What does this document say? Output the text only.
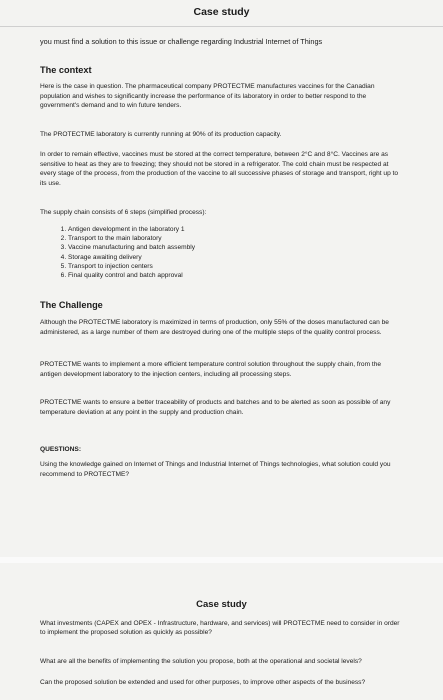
Case study
you must find a solution to this issue or challenge regarding Industrial Internet of Things
The context
Here is the case in question. The pharmaceutical company PROTECTME manufactures vaccines for the Canadian population and wishes to significantly increase the performance of its laboratory in order to better respond to the government's demand and to win future tenders.
The PROTECTME laboratory is currently running at 90% of its production capacity.
In order to remain effective, vaccines must be stored at the correct temperature, between 2°C and 8°C. Vaccines are as sensitive to heat as they are to freezing; they should not be stored in a refrigerator. The cold chain must be respected at every stage of the process, from the production of the vaccine to all successive phases of storage and transport, right up to its use.
The supply chain consists of 6 steps (simplified process):
1. Antigen development in the laboratory 1
2. Transport to the main laboratory
3. Vaccine manufacturing and batch assembly
4. Storage awaiting delivery
5. Transport to injection centers
6. Final quality control and batch approval
The Challenge
Although the PROTECTME laboratory is maximized in terms of production, only 55% of the doses manufactured can be administered, as a large number of them are destroyed during one of the multiple steps of the quality control process.
PROTECTME wants to implement a more efficient temperature control solution throughout the supply chain, from the antigen development laboratory to the injection centers, including all processing steps.
PROTECTME wants to ensure a better traceability of products and batches and to be alerted as soon as possible of any temperature deviation at any point in the supply and production chain.
QUESTIONS:
Using the knowledge gained on Internet of Things and Industrial Internet of Things technologies, what solution could you recommend to PROTECTME?
Case study
What investments (CAPEX and OPEX - Infrastructure, hardware, and services) will PROTECTME need to consider in order to implement the proposed solution as quickly as possible?
What are all the benefits of implementing the solution you propose, both at the operational and societal levels?
Can the proposed solution be extended and used for other purposes, to improve other aspects of the business?
